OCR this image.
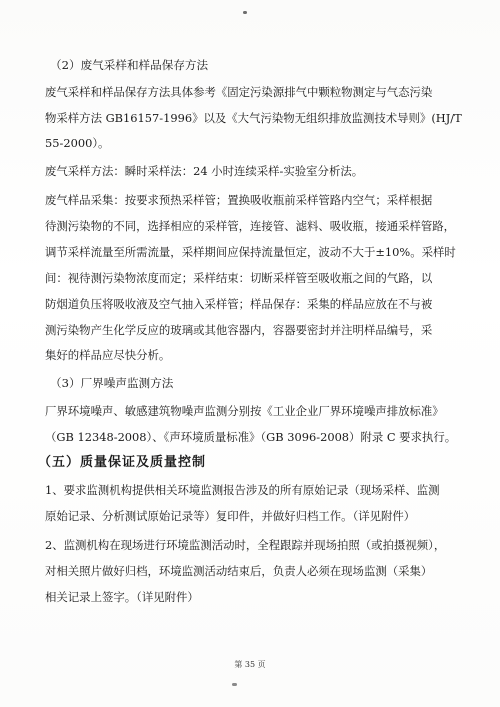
（2）废气采样和样品保存方法
废气采样和样品保存方法具体参考《固定污染源排气中颗粒物测定与气态污染
物采样方法 GB16157-1996》以及《大气污染物无组织排放监测技术导则》(HJ/T
55-2000）。
废气采样方法：瞬时采样法：24 小时连续采样-实验室分析法。
废气样品采集：按要求预热采样管；置换吸收瓶前采样管路内空气；采样根据
待测污染物的不同，选择相应的采样管，连接管、滤料、吸收瓶，接通采样管路，
调节采样流量至所需流量，采样期间应保持流量恒定，波动不大于±10%。采样时
间：视待测污染物浓度而定；采样结束：切断采样管至吸收瓶之间的气路，以
防烟道负压将吸收液及空气抽入采样管；样品保存：采集的样品应放在不与被
测污染物产生化学反应的玻璃或其他容器内，容器要密封并注明样品编号，采
集好的样品应尽快分析。
（3）厂界噪声监测方法
厂界环境噪声、敏感建筑物噪声监测分别按《工业企业厂界环境噪声排放标准》
（GB 12348-2008）、《声环境质量标准》（GB 3096-2008）附录 C 要求执行。
（五）质量保证及质量控制
1、要求监测机构提供相关环境监测报告涉及的所有原始记录（现场采样、监测
原始记录、分析测试原始记录等）复印件，并做好归档工作。（详见附件）
2、监测机构在现场进行环境监测活动时，全程跟踪并现场拍照（或拍摄视频），
对相关照片做好归档，环境监测活动结束后，负责人必须在现场监测（采集）
相关记录上签字。（详见附件）
第 35 页
